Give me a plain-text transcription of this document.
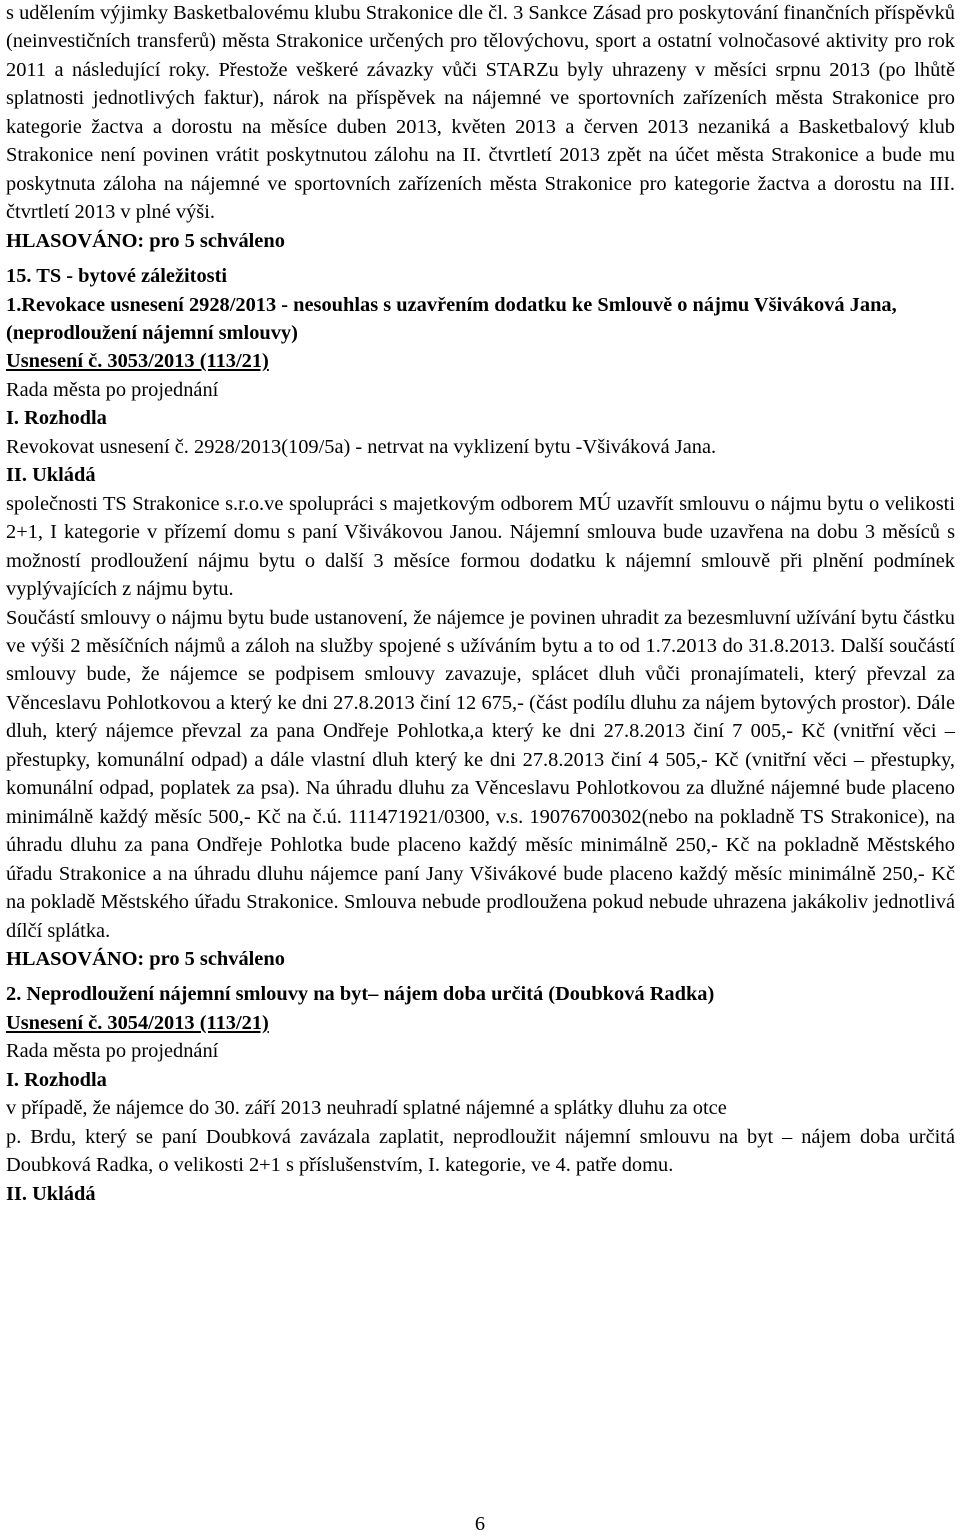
s udělením výjimky Basketbalovému klubu Strakonice dle čl. 3 Sankce Zásad pro poskytování finančních příspěvků (neinvestičních transferů) města Strakonice určených pro tělovýchovu, sport a ostatní volnočasové aktivity pro rok 2011 a následující roky. Přestože veškeré závazky vůči STARZu byly uhrazeny v měsíci srpnu 2013 (po lhůtě splatnosti jednotlivých faktur), nárok na příspěvek na nájemné ve sportovních zařízeních města Strakonice pro kategorie žactva a dorostu na měsíce duben 2013, květen 2013 a červen 2013 nezaniká a Basketbalový klub Strakonice není povinen vrátit poskytnutou zálohu na II. čtvrtletí 2013 zpět na účet města Strakonice a bude mu poskytnuta záloha na nájemné ve sportovních zařízeních města Strakonice pro kategorie žactva a dorostu na III. čtvrtletí 2013 v plné výši.

HLASOVÁNO: pro 5 schváleno

15. TS - bytové záležitosti

1.Revokace usnesení 2928/2013 - nesouhlas s uzavřením dodatku ke Smlouvě o nájmu Všiváková Jana, (neprodloužení nájemní smlouvy)

Usnesení č. 3053/2013 (113/21)

Rada města po projednání

I. Rozhodla

Revokovat usnesení č. 2928/2013(109/5a) - netrvat na vyklizení bytu -Všiváková Jana.

II. Ukládá

společnosti TS Strakonice s.r.o.ve spolupráci s majetkovým odborem MÚ uzavřít smlouvu o nájmu bytu o velikosti 2+1, I kategorie v přízemí domu s paní Všivákovou Janou. Nájemní smlouva bude uzavřena na dobu 3 měsíců s možností prodloužení nájmu bytu o další 3 měsíce formou dodatku k nájemní smlouvě při plnění podmínek vyplývajících z nájmu bytu.

Součástí smlouvy o nájmu bytu bude ustanovení, že nájemce je povinen uhradit za bezesmluvní užívání bytu částku ve výši 2 měsíčních nájmů a záloh na služby spojené s užíváním bytu a to od 1.7.2013 do 31.8.2013. Další součástí smlouvy bude, že nájemce se podpisem smlouvy zavazuje, splácet dluh vůči pronajímateli, který převzal za Věnceslavu Pohlotkovou a který ke dni 27.8.2013 činí 12 675,- (část podílu dluhu za nájem bytových prostor). Dále dluh, který nájemce převzal za pana Ondřeje Pohlotka,a který ke dni 27.8.2013 činí 7 005,- Kč (vnitřní věci – přestupky, komunální odpad) a dále vlastní dluh který ke dni 27.8.2013 činí 4 505,- Kč (vnitřní věci – přestupky, komunální odpad, poplatek za psa). Na úhradu dluhu za Věnceslavu Pohlotkovou za dlužné nájemné bude placeno minimálně každý měsíc 500,- Kč na č.ú. 111471921/0300, v.s. 19076700302(nebo na pokladně TS Strakonice), na úhradu dluhu za pana Ondřeje Pohlotka bude placeno každý měsíc minimálně 250,- Kč na pokladně Městského úřadu Strakonice a na úhradu dluhu nájemce paní Jany Všivákové bude placeno každý měsíc minimálně 250,- Kč na pokladě Městského úřadu Strakonice. Smlouva nebude prodloužena pokud nebude uhrazena jakákoliv jednotlivá dílčí splátka.

HLASOVÁNO: pro 5 schváleno

2. Neprodloužení nájemní smlouvy na byt– nájem doba určitá (Doubková Radka)

Usnesení č. 3054/2013 (113/21)

Rada města po projednání

I. Rozhodla

v případě, že nájemce do 30. září 2013 neuhradí splatné nájemné a splátky dluhu za otce

p. Brdu, který se paní Doubková zavázala zaplatit, neprodloužit nájemní smlouvu na byt – nájem doba určitá Doubková Radka, o velikosti 2+1 s příslušenstvím, I. kategorie, ve 4. patře domu.

II. Ukládá

6
